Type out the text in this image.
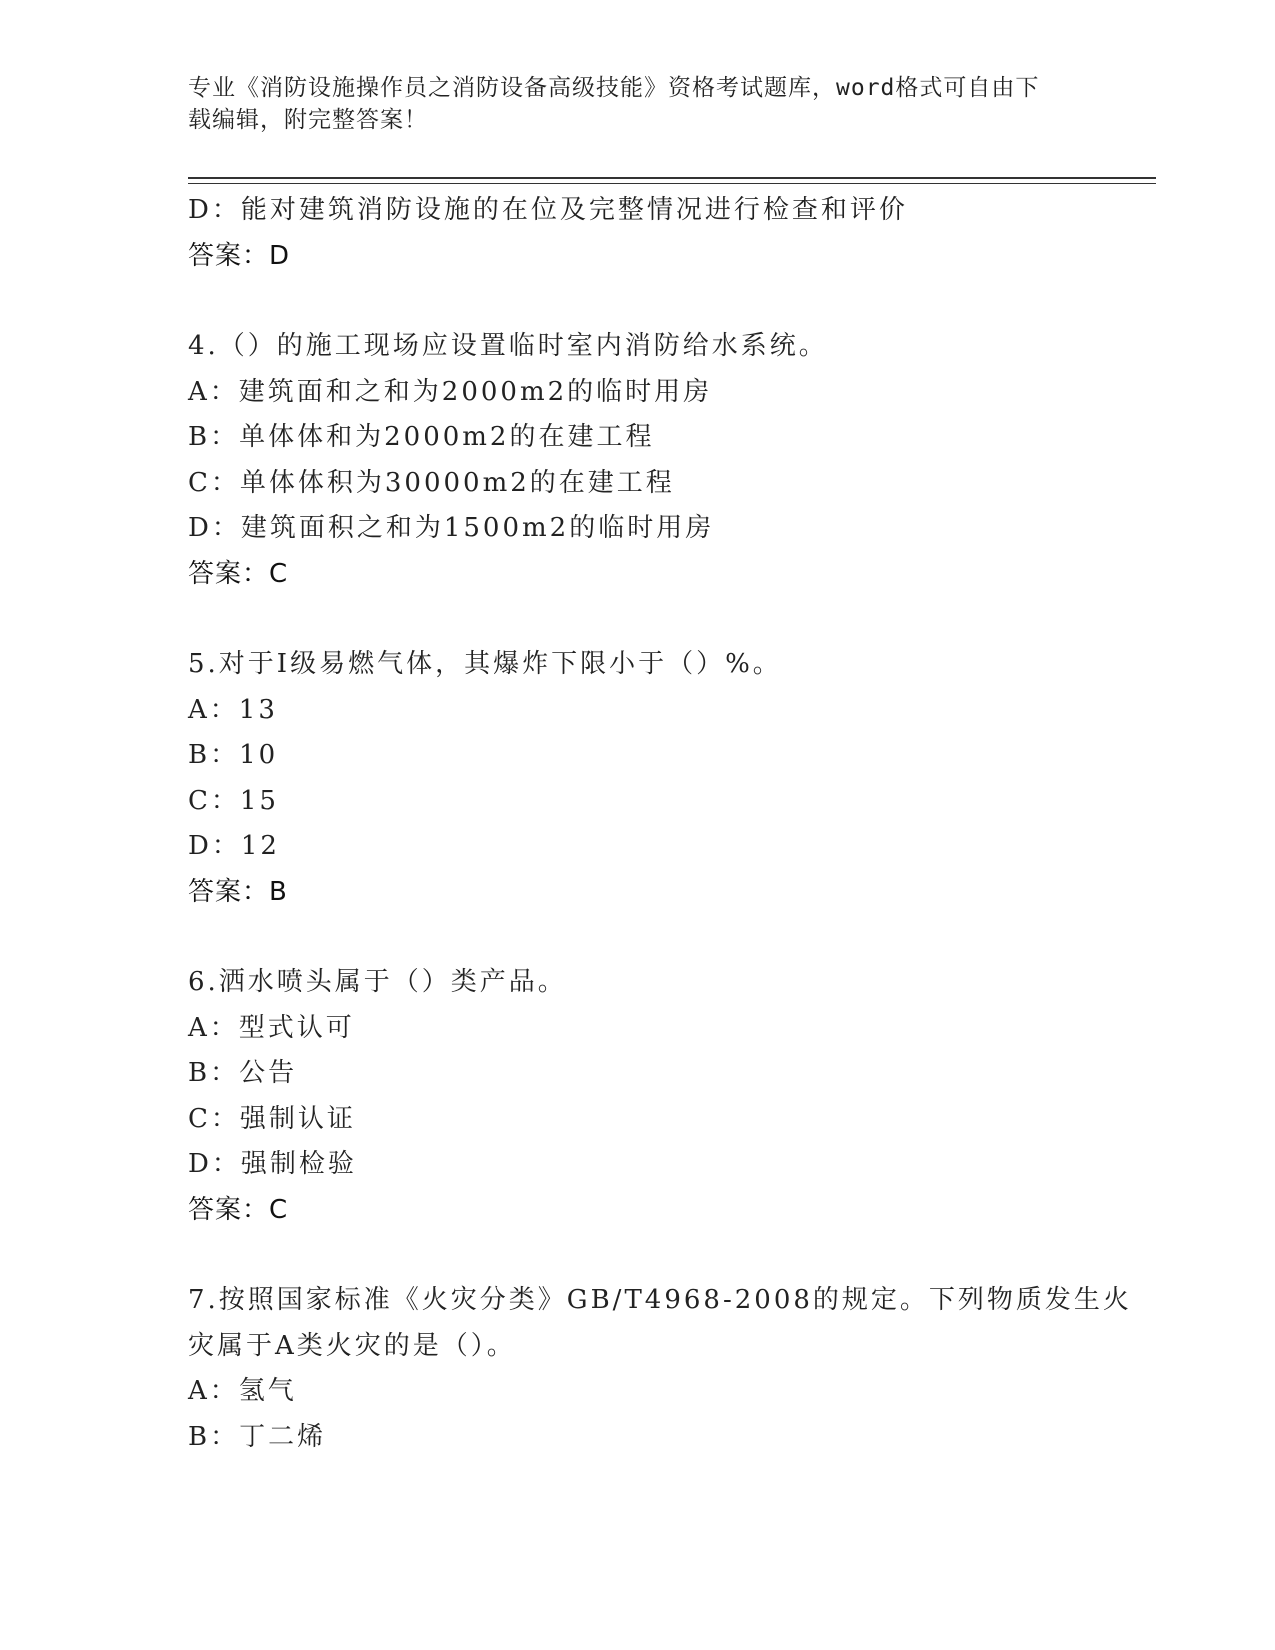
专业《消防设施操作员之消防设备高级技能》资格考试题库，word格式可自由下
载编辑，附完整答案！
D：能对建筑消防设施的在位及完整情况进行检查和评价
答案：D
4.（）的施工现场应设置临时室内消防给水系统。
A：建筑面和之和为2000m2的临时用房
B：单体体和为2000m2的在建工程
C：单体体积为30000m2的在建工程
D：建筑面积之和为1500m2的临时用房
答案：C
5.对于Ⅰ级易燃气体，其爆炸下限小于（）%。
A：13
B：10
C：15
D：12
答案：B
6.洒水喷头属于（）类产品。
A：型式认可
B：公告
C：强制认证
D：强制检验
答案：C
7.按照国家标准《火灾分类》GB/T4968-2008的规定。下列物质发生火
灾属于A类火灾的是（）。
A：氢气
B：丁二烯
